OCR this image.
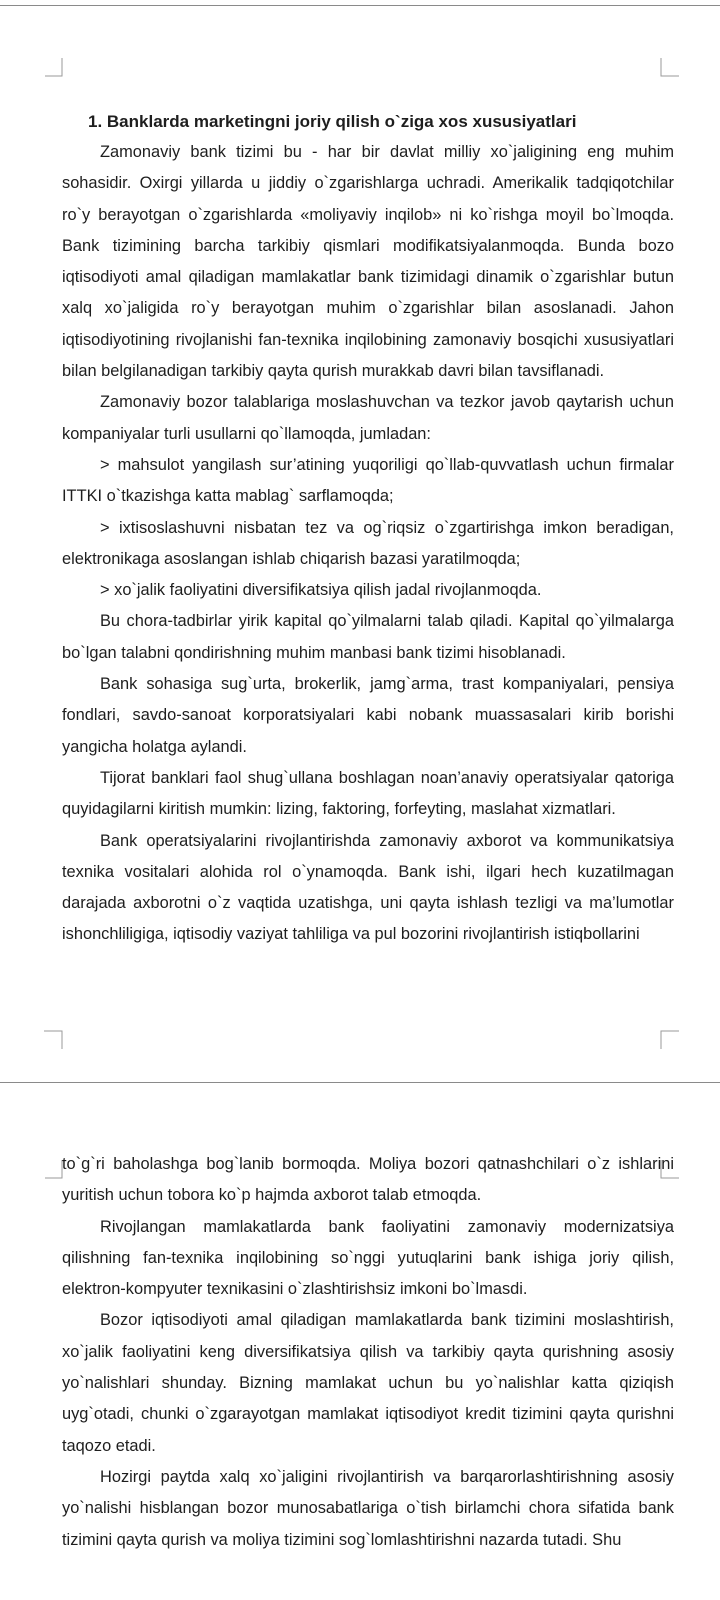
1. Banklarda marketingni joriy qilish o`ziga xos xususiyatlari

Zamonaviy bank tizimi bu - har bir davlat milliy xo`jaligining eng muhim sohasidir. Oxirgi yillarda u jiddiy o`zgarishlarga uchradi. Amerikalik tadqiqotchilar ro`y berayotgan o`zgarishlarda «moliyaviy inqilob» ni ko`rishga moyil bo`lmoqda. Bank tizimining barcha tarkibiy qismlari modifikatsiyalanmoqda. Bunda bozo iqtisodiyoti amal qiladigan mamlakatlar bank tizimidagi dinamik o`zgarishlar butun xalq xo`jaligida ro`y berayotgan muhim o`zgarishlar bilan asoslanadi. Jahon iqtisodiyotining rivojlanishi fan-texnika inqilobining zamonaviy bosqichi xususiyatlari bilan belgilanadigan tarkibiy qayta qurish murakkab davri bilan tavsiflanadi.

Zamonaviy bozor talablariga moslashuvchan va tezkor javob qaytarish uchun kompaniyalar turli usullarni qo`llamoqda, jumladan:

> mahsulot yangilash sur’atining yuqoriligi qo`llab-quvvatlash uchun firmalar ITTKI o`tkazishga katta mablag` sarflamoqda;

> ixtisoslashuvni nisbatan tez va og`riqsiz o`zgartirishga imkon beradigan, elektronikaga asoslangan ishlab chiqarish bazasi yaratilmoqda;

> xo`jalik faoliyatini diversifikatsiya qilish jadal rivojlanmoqda.

Bu chora-tadbirlar yirik kapital qo`yilmalarni talab qiladi. Kapital qo`yilmalarga bo`lgan talabni qondirishning muhim manbasi bank tizimi hisoblanadi.

Bank sohasiga sug`urta, brokerlik, jamg`arma, trast kompaniyalari, pensiya fondlari, savdo-sanoat korporatsiyalari kabi nobank muassasalari kirib borishi yangicha holatga aylandi.

Tijorat banklari faol shug`ullana boshlagan noan’anaviy operatsiyalar qatoriga quyidagilarni kiritish mumkin: lizing, faktoring, forfeyting, maslahat xizmatlari.

Bank operatsiyalarini rivojlantirishda zamonaviy axborot va kommunikatsiya texnika vositalari alohida rol o`ynamoqda. Bank ishi, ilgari hech kuzatilmagan darajada axborotni o`z vaqtida uzatishga, uni qayta ishlash tezligi va ma’lumotlar ishonchliligiga, iqtisodiy vaziyat tahliliga va pul bozorini rivojlantirish istiqbollarini

to`g`ri baholashga bog`lanib bormoqda. Moliya bozori qatnashchilari o`z ishlarini yuritish uchun tobora ko`p hajmda axborot talab etmoqda.

Rivojlangan mamlakatlarda bank faoliyatini zamonaviy modernizatsiya qilishning fan-texnika inqilobining so`nggi yutuqlarini bank ishiga joriy qilish, elektron-kompyuter texnikasini o`zlashtirishsiz imkoni bo`lmasdi.

Bozor iqtisodiyoti amal qiladigan mamlakatlarda bank tizimini moslashtirish, xo`jalik faoliyatini keng diversifikatsiya qilish va tarkibiy qayta qurishning asosiy yo`nalishlari shunday. Bizning mamlakat uchun bu yo`nalishlar katta qiziqish uyg`otadi, chunki o`zgarayotgan mamlakat iqtisodiyot kredit tizimini qayta qurishni taqozo etadi.

Hozirgi paytda xalq xo`jaligini rivojlantirish va barqarorlashtirishning asosiy yo`nalishi hisblangan bozor munosabatlariga o`tish birlamchi chora sifatida bank tizimini qayta qurish va moliya tizimini sog`lomlashtirishni nazarda tutadi. Shu
